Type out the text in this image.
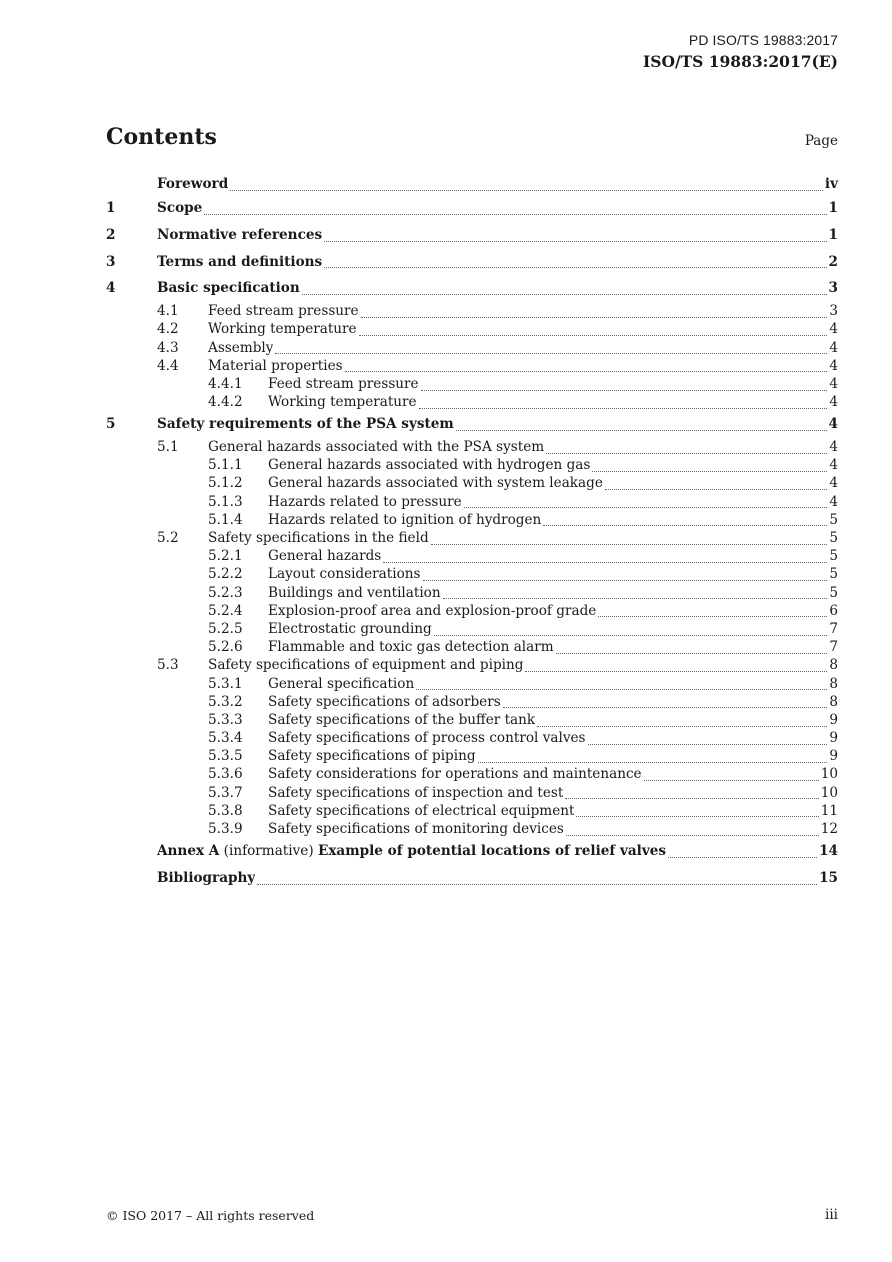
PD ISO/TS 19883:2017
ISO/TS 19883:2017(E)
Contents	Page
Foreword	iv
1	Scope	1
2	Normative references	1
3	Terms and definitions	2
4	Basic specification	3
4.1	Feed stream pressure	3
4.2	Working temperature	4
4.3	Assembly	4
4.4	Material properties	4
4.4.1	Feed stream pressure	4
4.4.2	Working temperature	4
5	Safety requirements of the PSA system	4
5.1	General hazards associated with the PSA system	4
5.1.1	General hazards associated with hydrogen gas	4
5.1.2	General hazards associated with system leakage	4
5.1.3	Hazards related to pressure	4
5.1.4	Hazards related to ignition of hydrogen	5
5.2	Safety specifications in the field	5
5.2.1	General hazards	5
5.2.2	Layout considerations	5
5.2.3	Buildings and ventilation	5
5.2.4	Explosion-proof area and explosion-proof grade	6
5.2.5	Electrostatic grounding	7
5.2.6	Flammable and toxic gas detection alarm	7
5.3	Safety specifications of equipment and piping	8
5.3.1	General specification	8
5.3.2	Safety specifications of adsorbers	8
5.3.3	Safety specifications of the buffer tank	9
5.3.4	Safety specifications of process control valves	9
5.3.5	Safety specifications of piping	9
5.3.6	Safety considerations for operations and maintenance	10
5.3.7	Safety specifications of inspection and test	10
5.3.8	Safety specifications of electrical equipment	11
5.3.9	Safety specifications of monitoring devices	12
Annex A (informative) Example of potential locations of relief valves	14
Bibliography	15
© ISO 2017 – All rights reserved	iii
